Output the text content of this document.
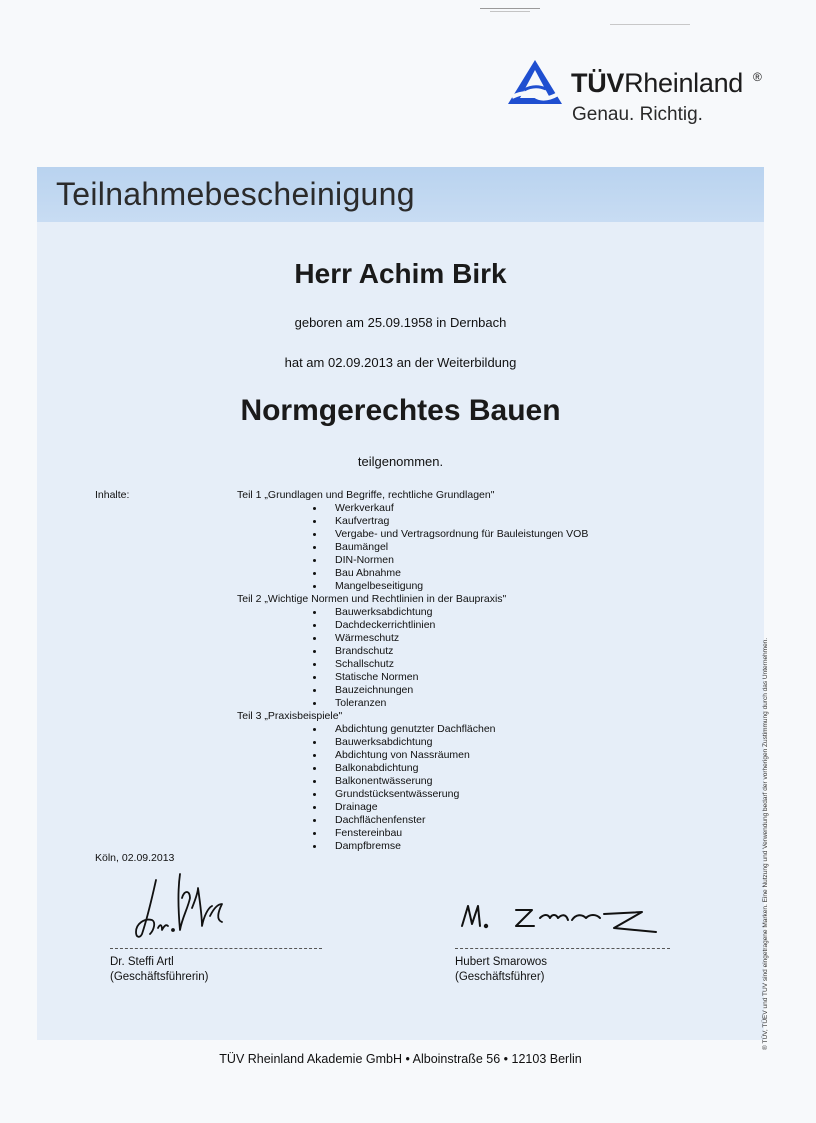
TÜVRheinland ®
Genau. Richtig.
Teilnahmebescheinigung
Herr Achim Birk
geboren am 25.09.1958 in Dernbach
hat am 02.09.2013 an der Weiterbildung
Normgerechtes Bauen
teilgenommen.
Inhalte:	Teil 1 „Grundlagen und Begriffe, rechtliche Grundlagen"
Werkverkauf
Kaufvertrag
Vergabe- und Vertragsordnung für Bauleistungen VOB
Baumängel
DIN-Normen
Bau Abnahme
Mangelbeseitigung
Teil 2 „Wichtige Normen und Rechtlinien in der Baupraxis"
Bauwerksabdichtung
Dachdeckerrichtlinien
Wärmeschutz
Brandschutz
Schallschutz
Statische Normen
Bauzeichnungen
Toleranzen
Teil 3 „Praxisbeispiele"
Abdichtung genutzter Dachflächen
Bauwerksabdichtung
Abdichtung von Nassräumen
Balkonabdichtung
Balkonentwässerung
Grundstücksentwässerung
Drainage
Dachflächenfenster
Fenstereinbau
Dampfbremse
Köln, 02.09.2013
Dr. Steffi Artl
(Geschäftsführerin)
Hubert Smarowos
(Geschäftsführer)
TÜV Rheinland Akademie GmbH • Alboinstraße 56 • 12103 Berlin
® TÜV, TÜEV und TUV sind eingetragene Marken. Eine Nutzung und Verwendung bedarf der vorherigen Zustimmung durch das Unternehmen.
